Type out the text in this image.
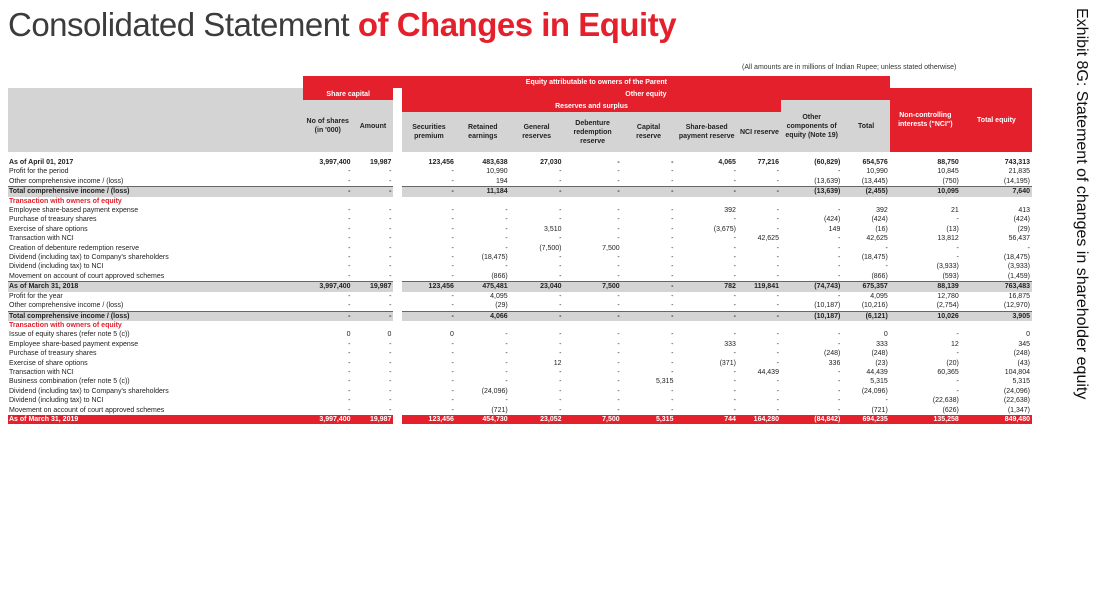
Consolidated Statement of Changes in Equity
(All amounts are in millions of Indian Rupee; unless stated otherwise)	Exhibit 8G: Statement of changes in shareholder equity
	Equity attributable to owners of the Parent													
	Share capital			Other equity									Non-controlling interests ("NCI")	Total equity
	No of shares (in '000)	Amount		Reserves and surplus							Other components of equity (Note 19)	Total		
				Securities premium	Retained earnings	General reserves	Debenture redemption reserve	Capital reserve	Share-based payment reserve	NCI reserve				

As of April 01, 2017	3,997,400	19,987		123,456	483,638	27,030	-	-	4,065	77,216	(60,829)	654,576	88,750	743,313
Profit for the period	-	-		-	10,990	-	-	-	-	-	-	10,990	10,845	21,835
Other comprehensive income / (loss)	-	-		-	194	-	-	-	-	-	(13,639)	(13,445)	(750)	(14,195)
Total comprehensive income / (loss)	-	-		-	11,184	-	-	-	-	-	(13,639)	(2,455)	10,095	7,640
Transaction with owners of equity														
Employee share-based payment expense	-	-		-	-	-	-	-	392	-	-	392	21	413
Purchase of treasury shares	-	-		-	-	-	-	-	-	-	(424)	(424)	-	(424)
Exercise of share options	-	-		-	-	3,510	-	-	(3,675)	-	149	(16)	(13)	(29)
Transaction with NCI	-	-		-	-	-	-	-	-	42,625	-	42,625	13,812	56,437
Creation of debenture redemption reserve	-	-		-	-	(7,500)	7,500	-	-	-	-	-	-	-
Dividend (including tax) to Company's shareholders	-	-		-	(18,475)	-	-	-	-	-	-	(18,475)	-	(18,475)
Dividend (including tax) to NCI	-	-		-	-	-	-	-	-	-	-	-	(3,933)	(3,933)
Movement on account of court approved schemes	-	-		-	(866)	-	-	-	-	-	-	(866)	(593)	(1,459)
As of March 31, 2018	3,997,400	19,987		123,456	475,481	23,040	7,500	-	782	119,841	(74,743)	675,357	88,139	763,483
Profit for the year	-	-		-	4,095	-	-	-	-	-	-	4,095	12,780	16,875
Other comprehensive income / (loss)	-	-		-	(29)	-	-	-	-	-	(10,187)	(10,216)	(2,754)	(12,970)
Total comprehensive income / (loss)	-	-		-	4,066	-	-	-	-	-	(10,187)	(6,121)	10,026	3,905
Transaction with owners of equity														
Issue of equity shares (refer note 5 (c))	0	0		0	-	-	-	-	-	-	-	0	-	0
Employee share-based payment expense	-	-		-	-	-	-	-	333	-	-	333	12	345
Purchase of treasury shares	-	-		-	-	-	-	-	-	-	(248)	(248)	-	(248)
Exercise of share options	-	-		-	-	12	-	-	(371)	-	336	(23)	(20)	(43)
Transaction with NCI	-	-		-	-	-	-	-	-	44,439	-	44,439	60,365	104,804
Business combination (refer note 5 (c))	-	-		-	-	-	-	5,315	-	-	-	5,315	-	5,315
Dividend (including tax) to Company's shareholders	-	-		-	(24,096)	-	-	-	-	-	-	(24,096)	-	(24,096)
Dividend (including tax) to NCI	-	-		-	-	-	-	-	-	-	-	-	(22,638)	(22,638)
Movement on account of court approved schemes	-	-		-	(721)	-	-	-	-	-	-	(721)	(626)	(1,347)
As of March 31, 2019	3,997,400	19,987		123,456	454,730	23,052	7,500	5,315	744	164,280	(84,842)	694,235	135,258	849,480
